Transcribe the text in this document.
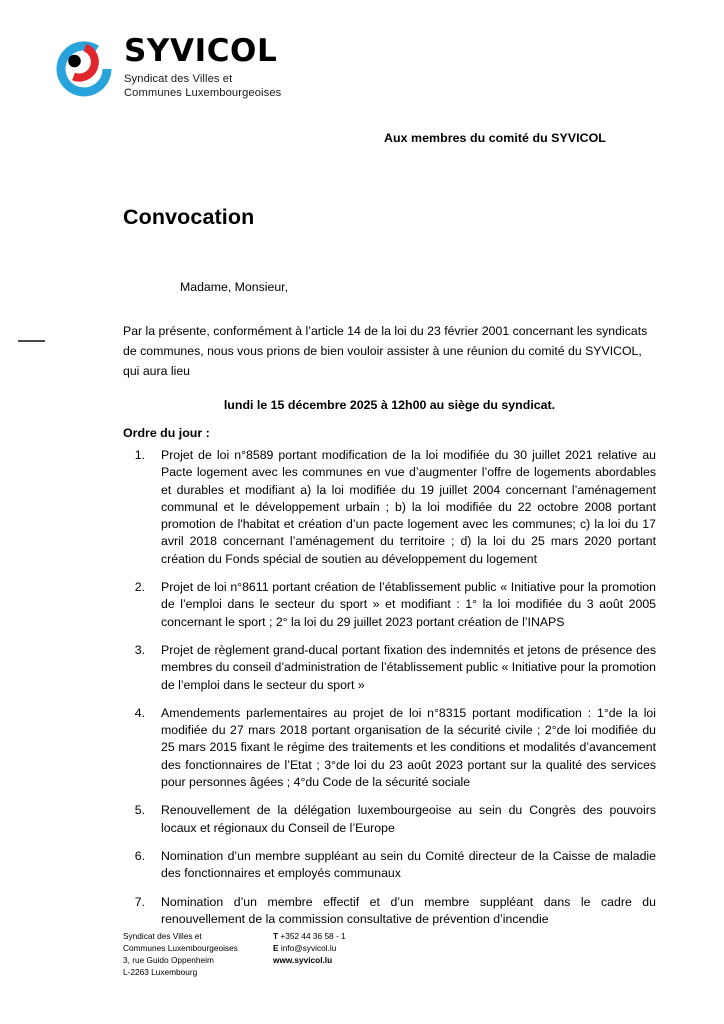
SYVICOL
Syndicat des Villes et
Communes Luxembourgeoises
Aux membres du comité du SYVICOL
Convocation
Madame, Monsieur,
Par la présente, conformément à l’article 14 de la loi du 23 février 2001 concernant les syndicats de communes, nous vous prions de bien vouloir assister à une réunion du comité du SYVICOL, qui aura lieu
lundi le 15 décembre 2025 à 12h00 au siège du syndicat.
Ordre du jour :
1.	Projet de loi n°8589 portant modification de la loi modifiée du 30 juillet 2021 relative au Pacte logement avec les communes en vue d’augmenter l’offre de logements abordables et durables et modifiant a) la loi modifiée du 19 juillet 2004 concernant l’aménagement communal et le développement urbain ; b) la loi modifiée du 22 octobre 2008 portant promotion de l'habitat et création d’un pacte logement avec les communes; c) la loi du 17 avril 2018 concernant l’aménagement du territoire ; d) la loi du 25 mars 2020 portant création du Fonds spécial de soutien au développement du logement
2.	Projet de loi n°8611 portant création de l’établissement public « Initiative pour la promotion de l’emploi dans le secteur du sport » et modifiant : 1° la loi modifiée du 3 août 2005 concernant le sport ; 2° la loi du 29 juillet 2023 portant création de l’INAPS
3.	Projet de règlement grand-ducal portant fixation des indemnités et jetons de présence des membres du conseil d’administration de l’établissement public « Initiative pour la promotion de l’emploi dans le secteur du sport »
4.	Amendements parlementaires au projet de loi n°8315 portant modification : 1°de la loi modifiée du 27 mars 2018 portant organisation de la sécurité civile ; 2°de loi modifiée du 25 mars 2015 fixant le régime des traitements et les conditions et modalités d’avancement des fonctionnaires de l’Etat ; 3°de loi du 23 août 2023 portant sur la qualité des services pour personnes âgées ; 4°du Code de la sécurité sociale
5.	Renouvellement de la délégation luxembourgeoise au sein du Congrès des pouvoirs locaux et régionaux du Conseil de l’Europe
6.	Nomination d’un membre suppléant au sein du Comité directeur de la Caisse de maladie des fonctionnaires et employés communaux
7.	Nomination d’un membre effectif et d’un membre suppléant dans le cadre du renouvellement de la commission consultative de prévention d’incendie
Syndicat des Villes et
Communes Luxembourgeoises
3, rue Guido Oppenheim
L-2263 Luxembourg
T +352 44 36 58 - 1
E info@syvicol.lu
www.syvicol.lu
